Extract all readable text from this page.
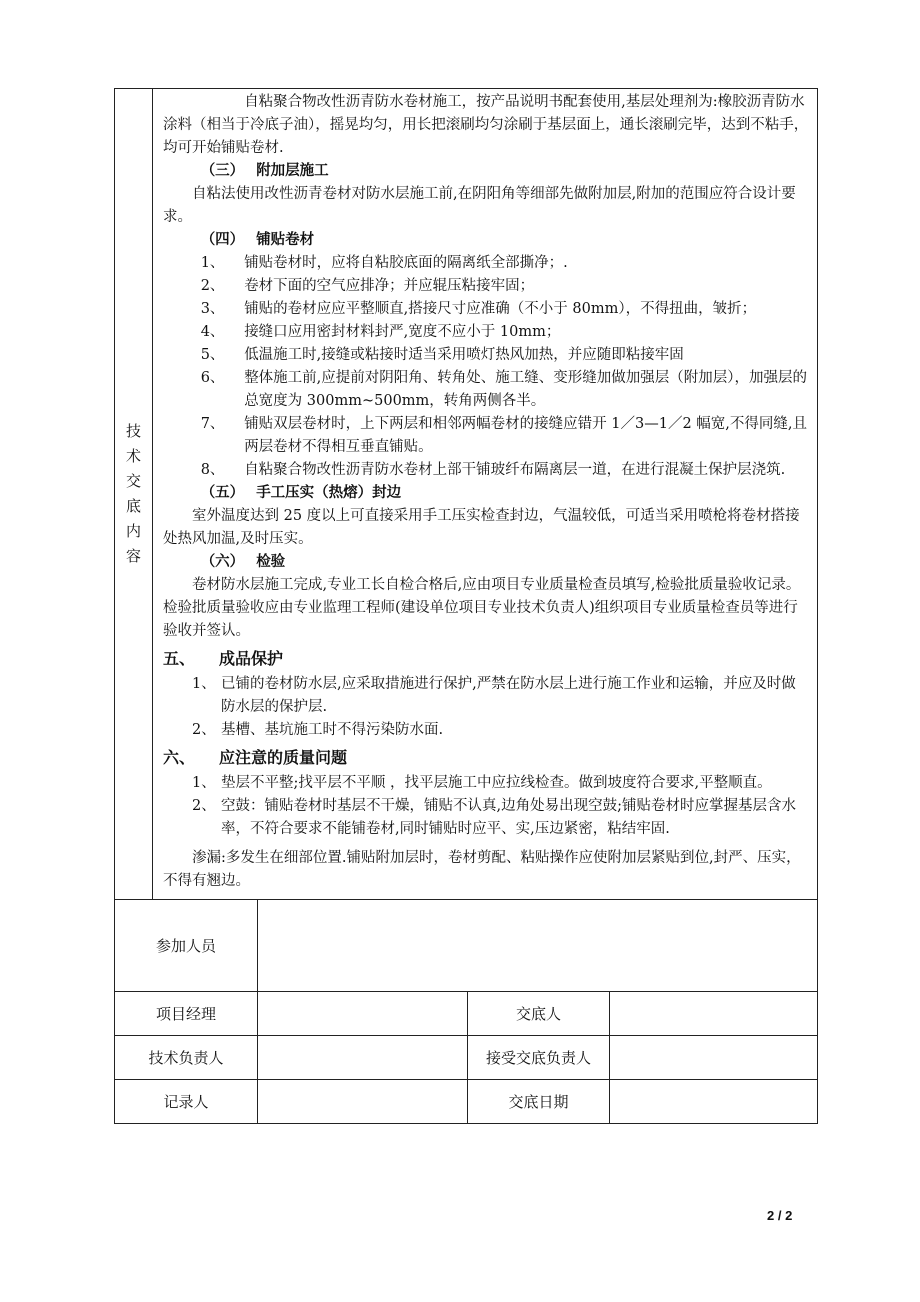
技术交底内容	

自粘聚合物改性沥青防水卷材施工，按产品说明书配套使用,基层处理剂为:橡胶沥青防水涂料（相当于冷底子油），摇晃均匀，用长把滚刷均匀涂刷于基层面上，通长滚刷完毕，达到不粘手，均可开始铺贴卷材.

（三） 附加层施工

自粘法使用改性沥青卷材对防水层施工前,在阴阳角等细部先做附加层,附加的范围应符合设计要求。

（四） 铺贴卷材

1、	铺贴卷材时，应将自粘胶底面的隔离纸全部撕净；.
2、	卷材下面的空气应排净；并应辊压粘接牢固；
3、	铺贴的卷材应应平整顺直,搭接尺寸应准确（不小于 80mm），不得扭曲，皱折；
4、	接缝口应用密封材料封严,宽度不应小于 10mm；
5、	低温施工时,接缝或粘接时适当采用喷灯热风加热，并应随即粘接牢固
6、	整体施工前,应提前对阴阳角、转角处、施工缝、变形缝加做加强层（附加层），加强层的总宽度为 300mm~500mm，转角两侧各半。
7、	铺贴双层卷材时，上下两层和相邻两幅卷材的接缝应错开 1／3—1／2 幅宽,不得同缝,且两层卷材不得相互垂直铺贴。
8、	自粘聚合物改性沥青防水卷材上部干铺玻纤布隔离层一道，在进行混凝土保护层浇筑.

（五） 手工压实（热熔）封边

室外温度达到 25 度以上可直接采用手工压实检查封边，气温较低，可适当采用喷枪将卷材搭接处热风加温,及时压实。

（六） 检验

卷材防水层施工完成,专业工长自检合格后,应由项目专业质量检查员填写,检验批质量验收记录。检验批质量验收应由专业监理工程师(建设单位项目专业技术负责人)组织项目专业质量检查员等进行验收并签认。

五、 成品保护

1、 已铺的卷材防水层,应采取措施进行保护,严禁在防水层上进行施工作业和运输，并应及时做防水层的保护层.
2、 基槽、基坑施工时不得污染防水面.

六、 应注意的质量问题

1、 垫层不平整;找平层不平顺 ，找平层施工中应拉线检查。做到坡度符合要求,平整顺直。
2、 空鼓：铺贴卷材时基层不干燥，铺贴不认真,边角处易出现空鼓;铺贴卷材时应掌握基层含水率，不符合要求不能铺卷材,同时铺贴时应平、实,压边紧密，粘结牢固.

渗漏:多发生在细部位置.铺贴附加层时，卷材剪配、粘贴操作应使附加层紧贴到位,封严、压实，不得有翘边。

参加人员			
项目经理		交底人	
技术负责人		接受交底负责人	
记录人		交底日期	
2 / 2
